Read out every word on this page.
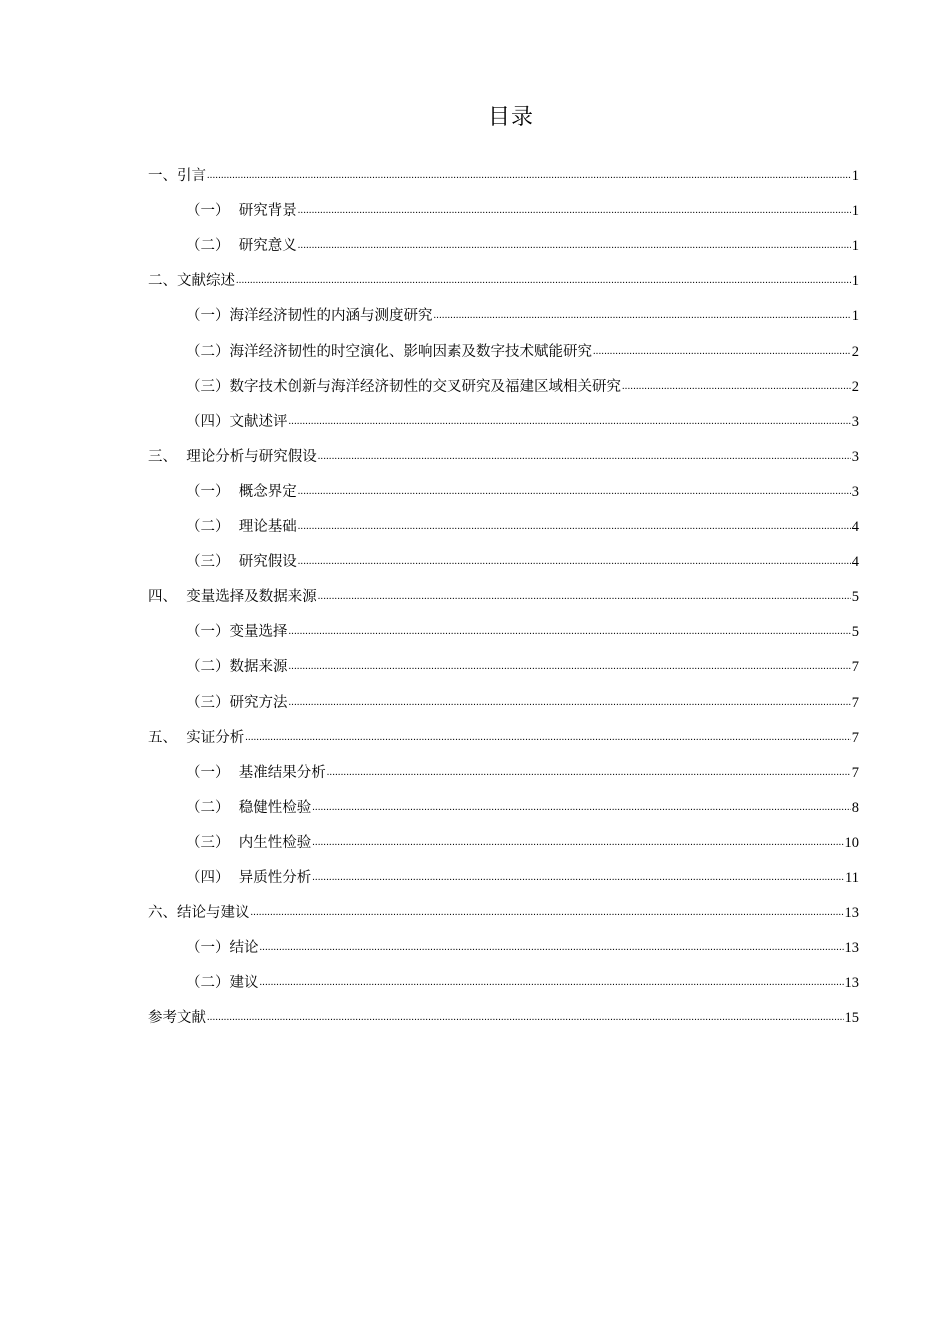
目录
一、引言 .....	1
（一）  研究背景 .....	1
（二）  研究意义 .....	1
二、文献综述 .....	1
（一）海洋经济韧性的内涵与测度研究 .....	1
（二）海洋经济韧性的时空演化、影响因素及数字技术赋能研究 .....	2
（三）数字技术创新与海洋经济韧性的交叉研究及福建区域相关研究 .....	2
（四）文献述评 .....	3
三、  理论分析与研究假设 .....	3
（一）  概念界定 .....	3
（二）  理论基础 .....	4
（三）  研究假设 .....	4
四、  变量选择及数据来源 .....	5
（一）变量选择 .....	5
（二）数据来源 .....	7
（三）研究方法 .....	7
五、  实证分析 .....	7
（一）  基准结果分析 .....	7
（二）  稳健性检验 .....	8
（三）  内生性检验 .....	10
（四）  异质性分析 .....	11
六、结论与建议 .....	13
（一）结论 .....	13
（二）建议 .....	13
参考文献 .....	15
